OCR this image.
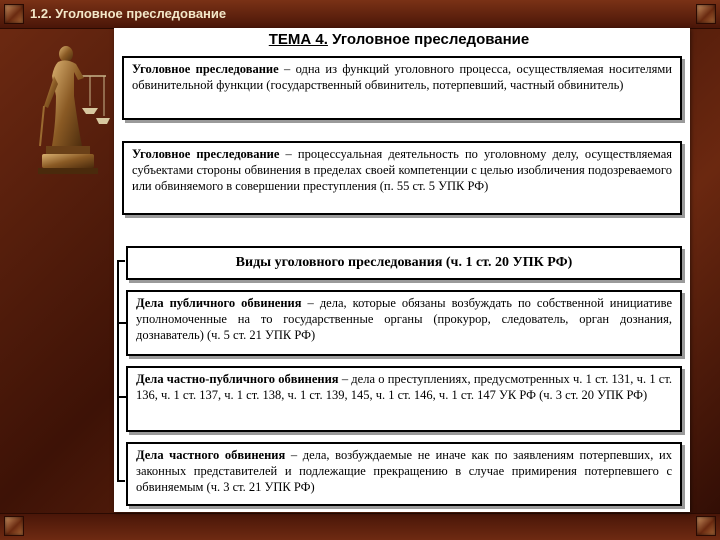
1.2. Уголовное преследование
ТЕМА 4. Уголовное преследование
Уголовное преследование – одна из функций уголовного процесса, осуществляемая носителями обвинительной функции (государственный обвинитель, потерпевший, частный обвинитель)
Уголовное преследование – процессуальная деятельность по уголовному делу, осуществляемая субъектами стороны обвинения в пределах своей компетенции с целью изобличения подозреваемого или обвиняемого в совершении преступления (п. 55 ст. 5 УПК РФ)
Виды уголовного преследования (ч. 1 ст. 20 УПК РФ)
Дела публичного обвинения – дела, которые обязаны возбуждать по собственной инициативе уполномоченные на то государственные органы (прокурор, следователь, орган дознания, дознаватель) (ч. 5 ст. 21 УПК РФ)
Дела частно-публичного обвинения – дела о преступлениях, предусмотренных ч. 1 ст. 131, ч. 1 ст. 136, ч. 1 ст. 137, ч. 1 ст. 138, ч. 1 ст. 139, 145, ч. 1 ст. 146, ч. 1 ст. 147 УК РФ (ч. 3 ст. 20 УПК РФ)
Дела частного обвинения – дела, возбуждаемые не иначе как по заявлениям потерпевших, их законных представителей и подлежащие прекращению в случае примирения потерпевшего с обвиняемым (ч. 3 ст. 21 УПК РФ)
